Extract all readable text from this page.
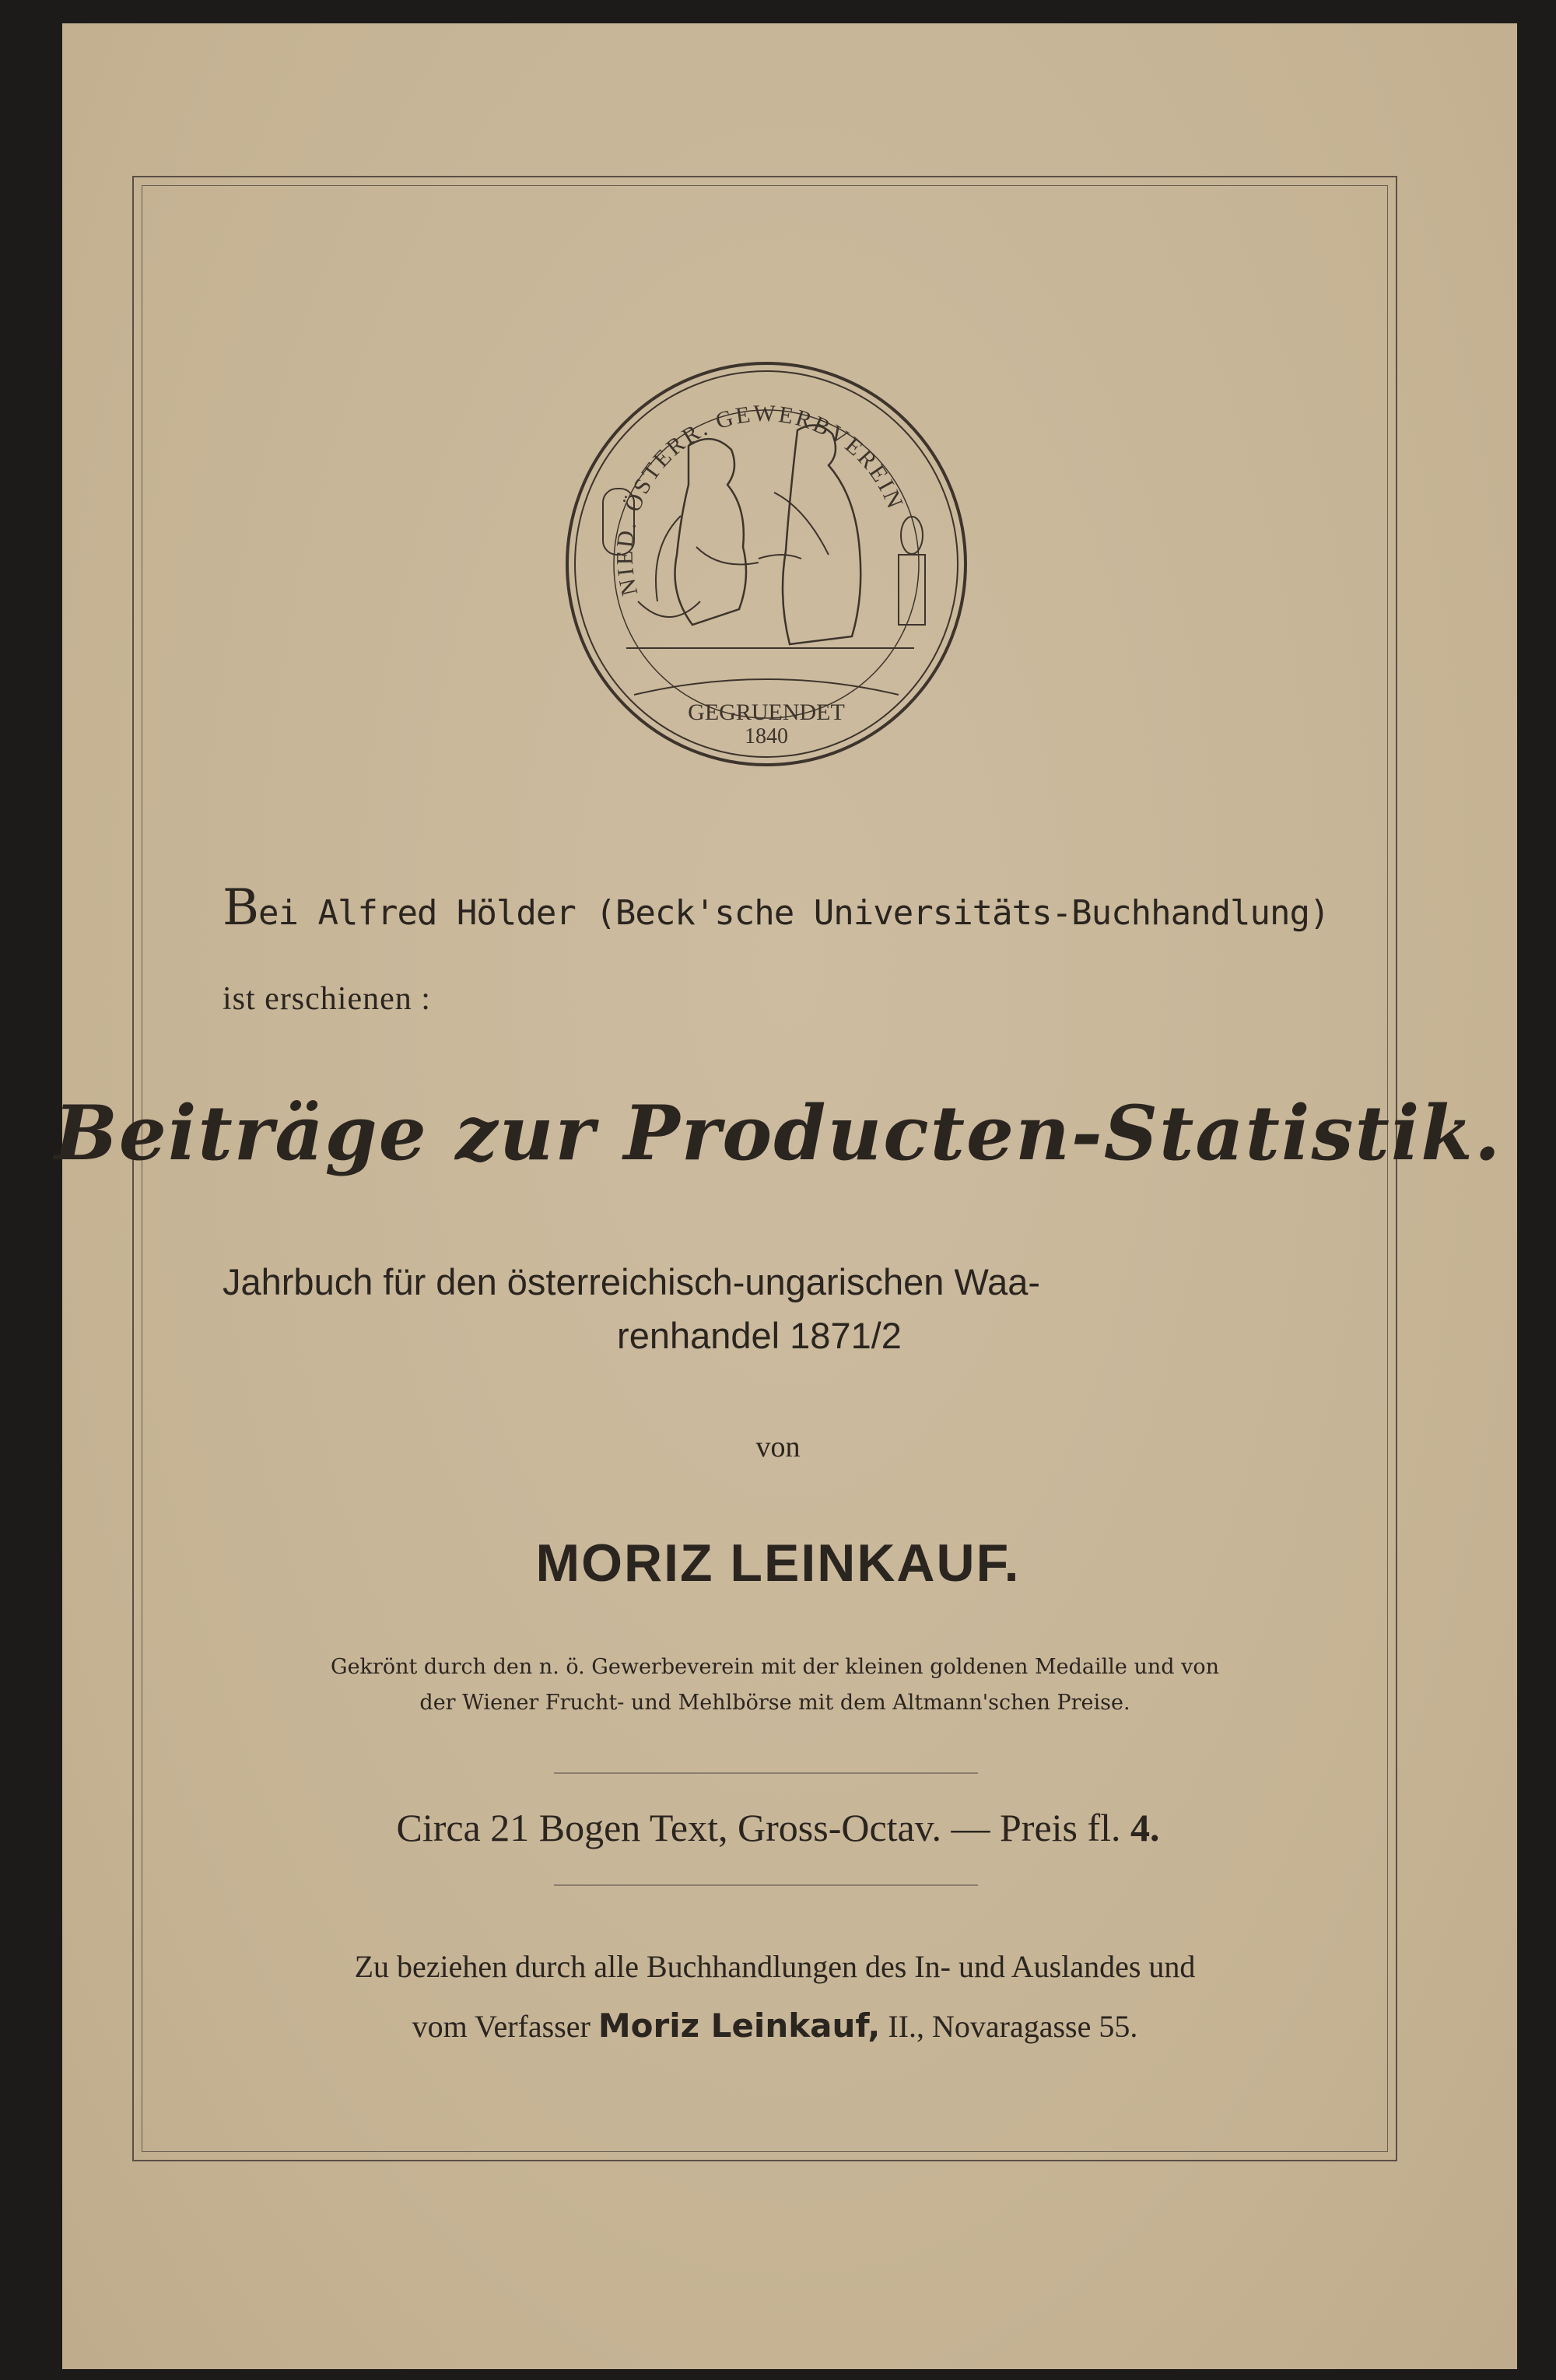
NIED. ÖSTERR. GEWERBVEREIN
GEGRUENDET
1840
Bei Alfred Hölder (Beck'sche Universitäts-Buchhandlung)
ist erschienen :
Beiträge zur Producten-Statistik.
Jahrbuch für den österreichisch-ungarischen Waa-
renhandel 1871/2
von
MORIZ LEINKAUF.
Gekrönt durch den n. ö. Gewerbeverein mit der kleinen goldenen Medaille und von
der Wiener Frucht- und Mehlbörse mit dem Altmann'schen Preise.
Circa 21 Bogen Text, Gross-Octav. — Preis fl. 4.
Zu beziehen durch alle Buchhandlungen des In- und Auslandes und
vom Verfasser Moriz Leinkauf, II., Novaragasse 55.
